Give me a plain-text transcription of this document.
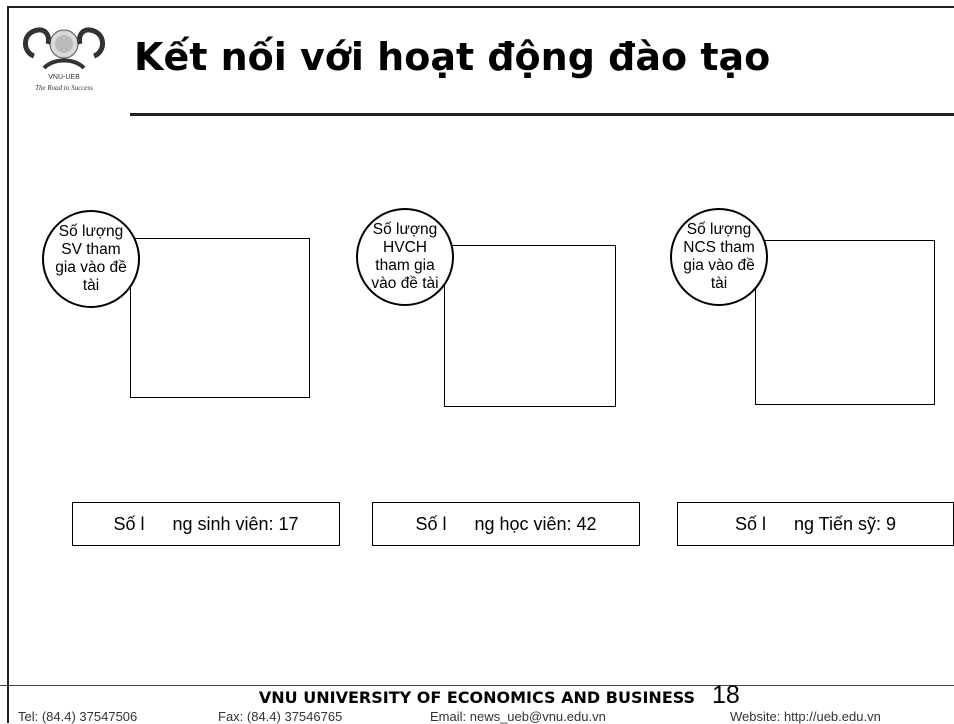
VNU-UEB
The Road to Success
Kết nối với hoạt động đào tạo
Số lượng
SV tham
gia vào đề
tài
Số lượng
HVCH
tham gia
vào đề tài
Số lượng
NCS tham
gia vào đề
tài
Số l ng sinh viên: 17	Số l ng học viên: 42	Số l ng Tiến sỹ: 9
VNU UNIVERSITY OF ECONOMICS AND BUSINESS 18
Tel: (84.4) 37547506	Fax: (84.4) 37546765	Email: news_ueb@vnu.edu.vn	Website: http://ueb.edu.vn
